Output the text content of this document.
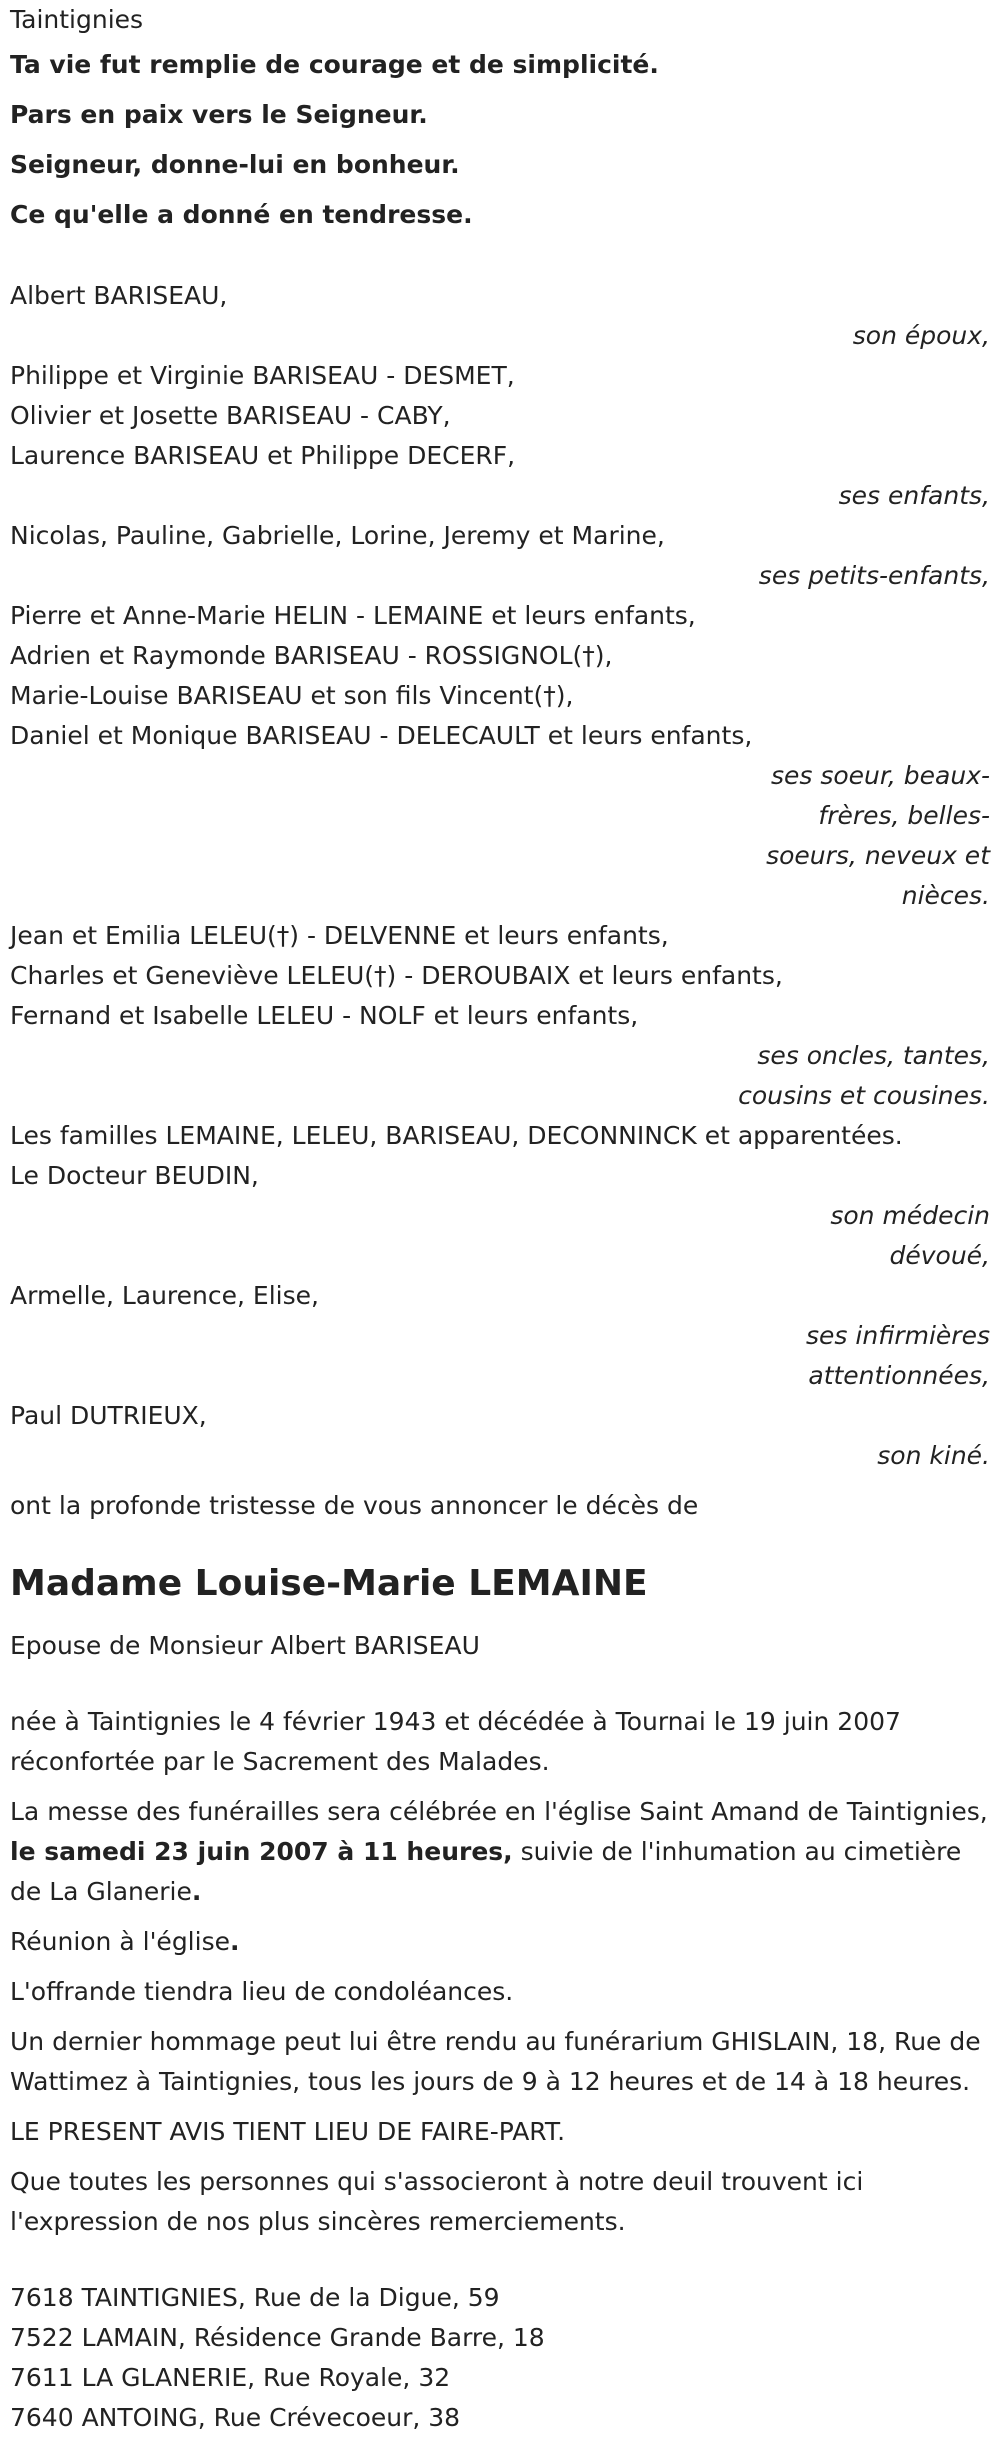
Taintignies
Ta vie fut remplie de courage et de simplicité.
Pars en paix vers le Seigneur.
Seigneur, donne-lui en bonheur.
Ce qu'elle a donné en tendresse.
Albert BARISEAU,
son époux,
Philippe et Virginie BARISEAU - DESMET,
Olivier et Josette BARISEAU - CABY,
Laurence BARISEAU et Philippe DECERF,
ses enfants,
Nicolas, Pauline, Gabrielle, Lorine, Jeremy et Marine,
ses petits-enfants,
Pierre et Anne-Marie HELIN - LEMAINE et leurs enfants,
Adrien et Raymonde BARISEAU - ROSSIGNOL(†),
Marie-Louise BARISEAU et son fils Vincent(†),
Daniel et Monique BARISEAU - DELECAULT et leurs enfants,
ses soeur, beaux-
frères, belles-
soeurs, neveux et
nièces.
Jean et Emilia LELEU(†) - DELVENNE et leurs enfants,
Charles et Geneviève LELEU(†) - DEROUBAIX et leurs enfants,
Fernand et Isabelle LELEU - NOLF et leurs enfants,
ses oncles, tantes,
cousins et cousines.
Les familles LEMAINE, LELEU, BARISEAU, DECONNINCK et apparentées.
Le Docteur BEUDIN,
son médecin
dévoué,
Armelle, Laurence, Elise,
ses infirmières
attentionnées,
Paul DUTRIEUX,
son kiné.
ont la profonde tristesse de vous annoncer le décès de
Madame Louise-Marie LEMAINE
Epouse de Monsieur Albert BARISEAU
née à Taintignies le 4 février 1943 et décédée à Tournai le 19 juin 2007
réconfortée par le Sacrement des Malades.
La messe des funérailles sera célébrée en l'église Saint Amand de Taintignies, le samedi 23 juin 2007 à 11 heures, suivie de l'inhumation au cimetière de La Glanerie.
Réunion à l'église.
L'offrande tiendra lieu de condoléances.
Un dernier hommage peut lui être rendu au funérarium GHISLAIN, 18, Rue de Wattimez à Taintignies, tous les jours de 9 à 12 heures et de 14 à 18 heures.
LE PRESENT AVIS TIENT LIEU DE FAIRE-PART.
Que toutes les personnes qui s'associeront à notre deuil trouvent ici l'expression de nos plus sincères remerciements.
7618 TAINTIGNIES, Rue de la Digue, 59
7522 LAMAIN, Résidence Grande Barre, 18
7611 LA GLANERIE, Rue Royale, 32
7640 ANTOING, Rue Crévecoeur, 38
